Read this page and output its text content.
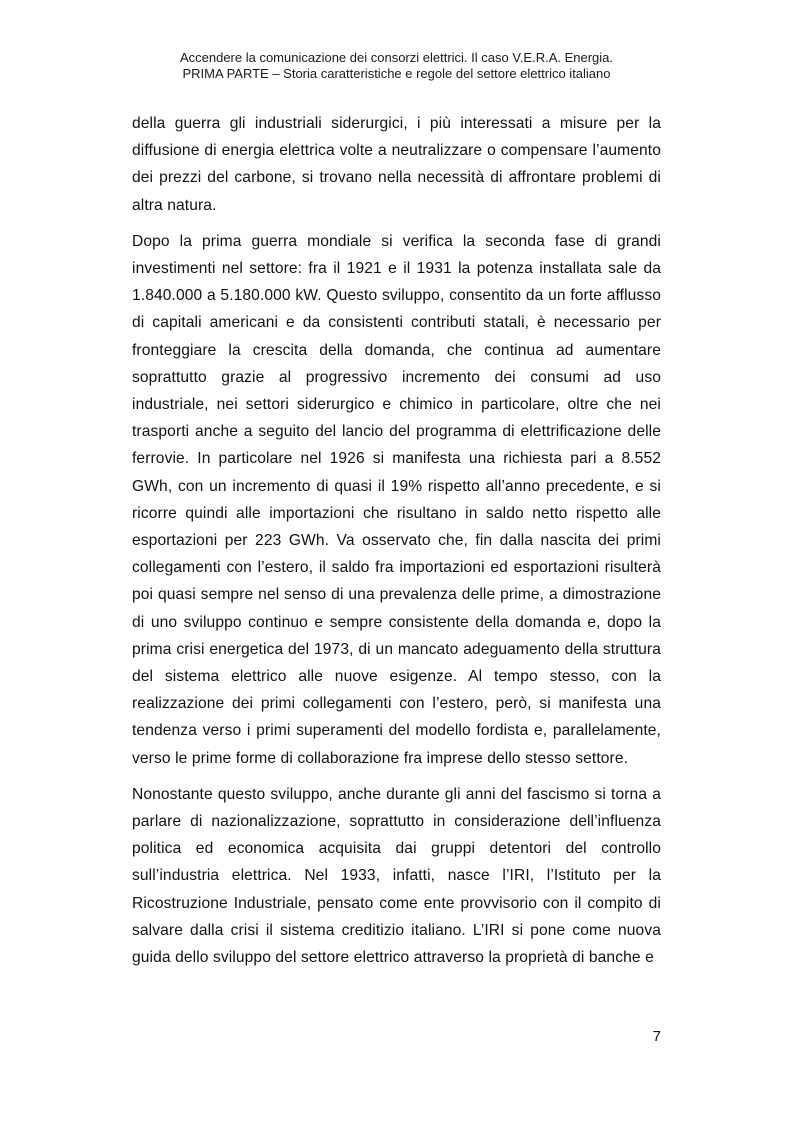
Accendere la comunicazione dei consorzi elettrici. Il caso V.E.R.A. Energia.
PRIMA PARTE – Storia caratteristiche e regole del settore elettrico italiano

della guerra gli industriali siderurgici, i più interessati a misure per la diffusione di energia elettrica volte a neutralizzare o compensare l’aumento dei prezzi del carbone, si trovano nella necessità di affrontare problemi di altra natura.

Dopo la prima guerra mondiale si verifica la seconda fase di grandi investimenti nel settore: fra il 1921 e il 1931 la potenza installata sale da 1.840.000 a 5.180.000 kW. Questo sviluppo, consentito da un forte afflusso di capitali americani e da consistenti contributi statali, è necessario per fronteggiare la crescita della domanda, che continua ad aumentare soprattutto grazie al progressivo incremento dei consumi ad uso industriale, nei settori siderurgico e chimico in particolare, oltre che nei trasporti anche a seguito del lancio del programma di elettrificazione delle ferrovie. In particolare nel 1926 si manifesta una richiesta pari a 8.552 GWh, con un incremento di quasi il 19% rispetto all’anno precedente, e si ricorre quindi alle importazioni che risultano in saldo netto rispetto alle esportazioni per 223 GWh. Va osservato che, fin dalla nascita dei primi collegamenti con l’estero, il saldo fra importazioni ed esportazioni risulterà poi quasi sempre nel senso di una prevalenza delle prime, a dimostrazione di uno sviluppo continuo e sempre consistente della domanda e, dopo la prima crisi energetica del 1973, di un mancato adeguamento della struttura del sistema elettrico alle nuove esigenze. Al tempo stesso, con la realizzazione dei primi collegamenti con l’estero, però, si manifesta una tendenza verso i primi superamenti del modello fordista e, parallelamente, verso le prime forme di collaborazione fra imprese dello stesso settore.

Nonostante questo sviluppo, anche durante gli anni del fascismo si torna a parlare di nazionalizzazione, soprattutto in considerazione dell’influenza politica ed economica acquisita dai gruppi detentori del controllo sull’industria elettrica. Nel 1933, infatti, nasce l’IRI, l’Istituto per la Ricostruzione Industriale, pensato come ente provvisorio con il compito di salvare dalla crisi il sistema creditizio italiano. L’IRI si pone come nuova guida dello sviluppo del settore elettrico attraverso la proprietà di banche e

7
